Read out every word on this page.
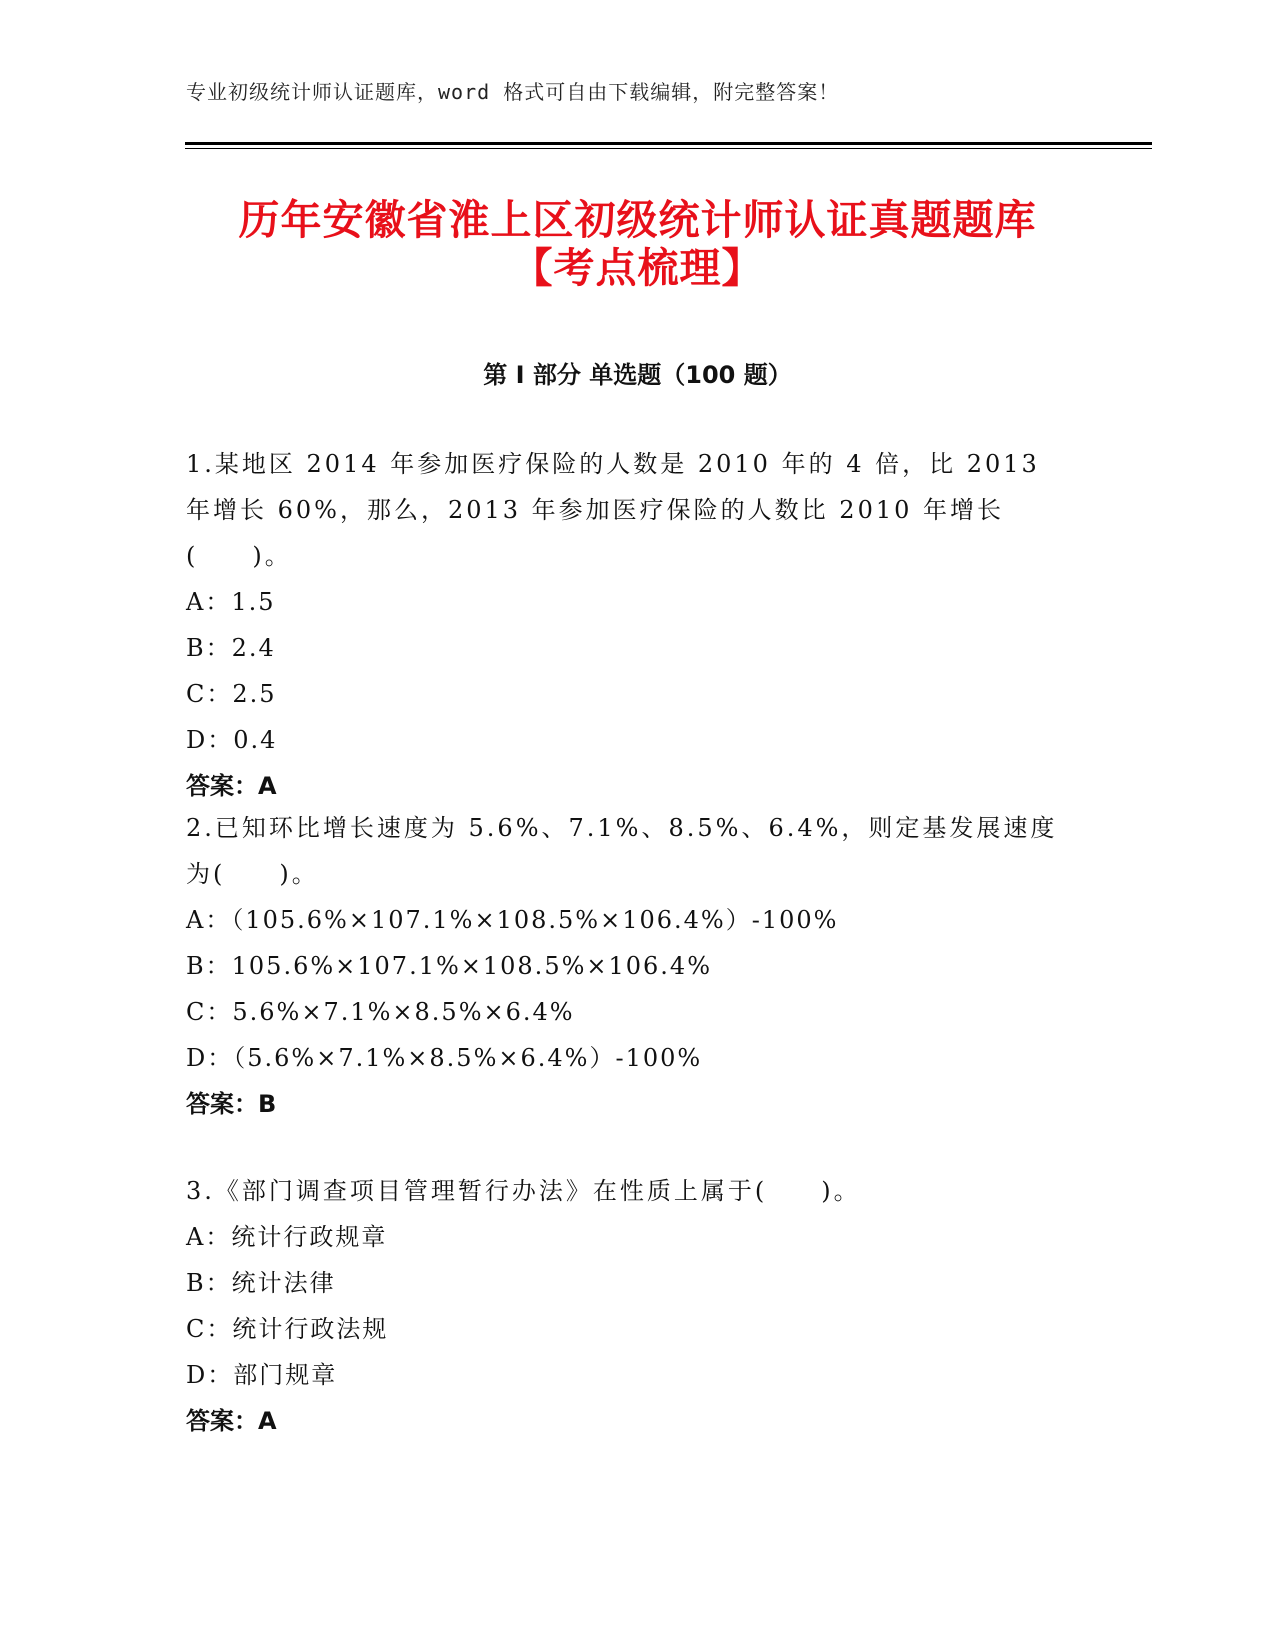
专业初级统计师认证题库，word 格式可自由下载编辑，附完整答案！
历年安徽省淮上区初级统计师认证真题题库
【考点梳理】
第 I 部分 单选题（100 题）

1.某地区 2014 年参加医疗保险的人数是 2010 年的 4 倍，比 2013 年增长 60%，那么，2013 年参加医疗保险的人数比 2010 年增长(　　)。

A：1.5

B：2.4

C：2.5

D：0.4

答案：A

2.已知环比增长速度为 5.6%、7.1%、8.5%、6.4%，则定基发展速度为(　　)。

A：（105.6%×107.1%×108.5%×106.4%）-100%

B：105.6%×107.1%×108.5%×106.4%

C：5.6%×7.1%×8.5%×6.4%

D：（5.6%×7.1%×8.5%×6.4%）-100%

答案：B

3.《部门调查项目管理暂行办法》在性质上属于(　　)。

A：统计行政规章

B：统计法律

C：统计行政法规

D：部门规章

答案：A
